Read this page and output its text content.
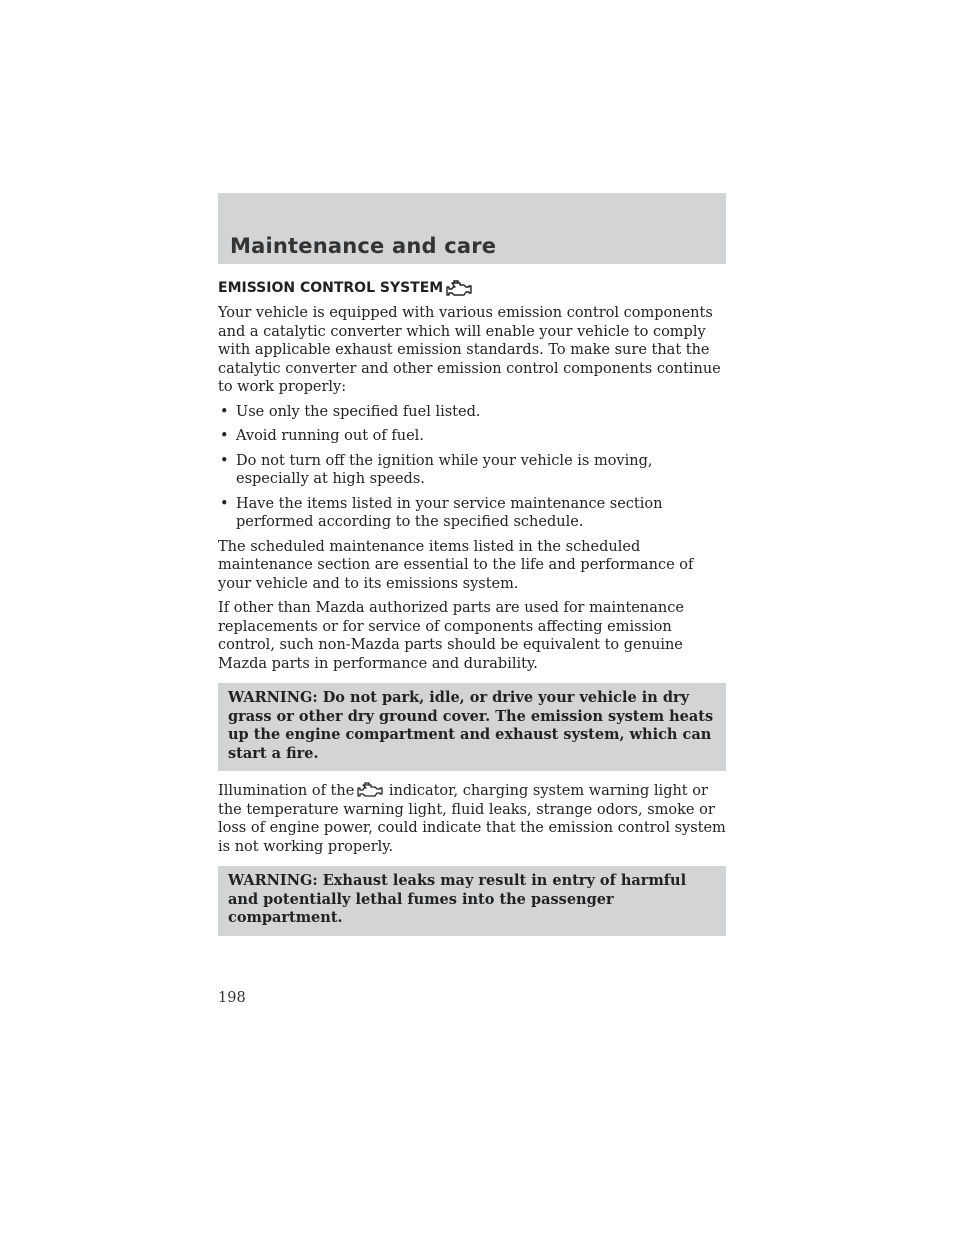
Maintenance and care
EMISSION CONTROL SYSTEM

Your vehicle is equipped with various emission control components and a catalytic converter which will enable your vehicle to comply with applicable exhaust emission standards. To make sure that the catalytic converter and other emission control components continue to work properly:

• Use only the specified fuel listed.
• Avoid running out of fuel.
• Do not turn off the ignition while your vehicle is moving, especially at high speeds.
• Have the items listed in your service maintenance section performed according to the specified schedule.

The scheduled maintenance items listed in the scheduled maintenance section are essential to the life and performance of your vehicle and to its emissions system.

If other than Mazda authorized parts are used for maintenance replacements or for service of components affecting emission control, such non-Mazda parts should be equivalent to genuine Mazda parts in performance and durability.

WARNING: Do not park, idle, or drive your vehicle in dry grass or other dry ground cover. The emission system heats up the engine compartment and exhaust system, which can start a fire.

Illumination of the indicator, charging system warning light or the temperature warning light, fluid leaks, strange odors, smoke or loss of engine power, could indicate that the emission control system is not working properly.

WARNING: Exhaust leaks may result in entry of harmful and potentially lethal fumes into the passenger compartment.
198
